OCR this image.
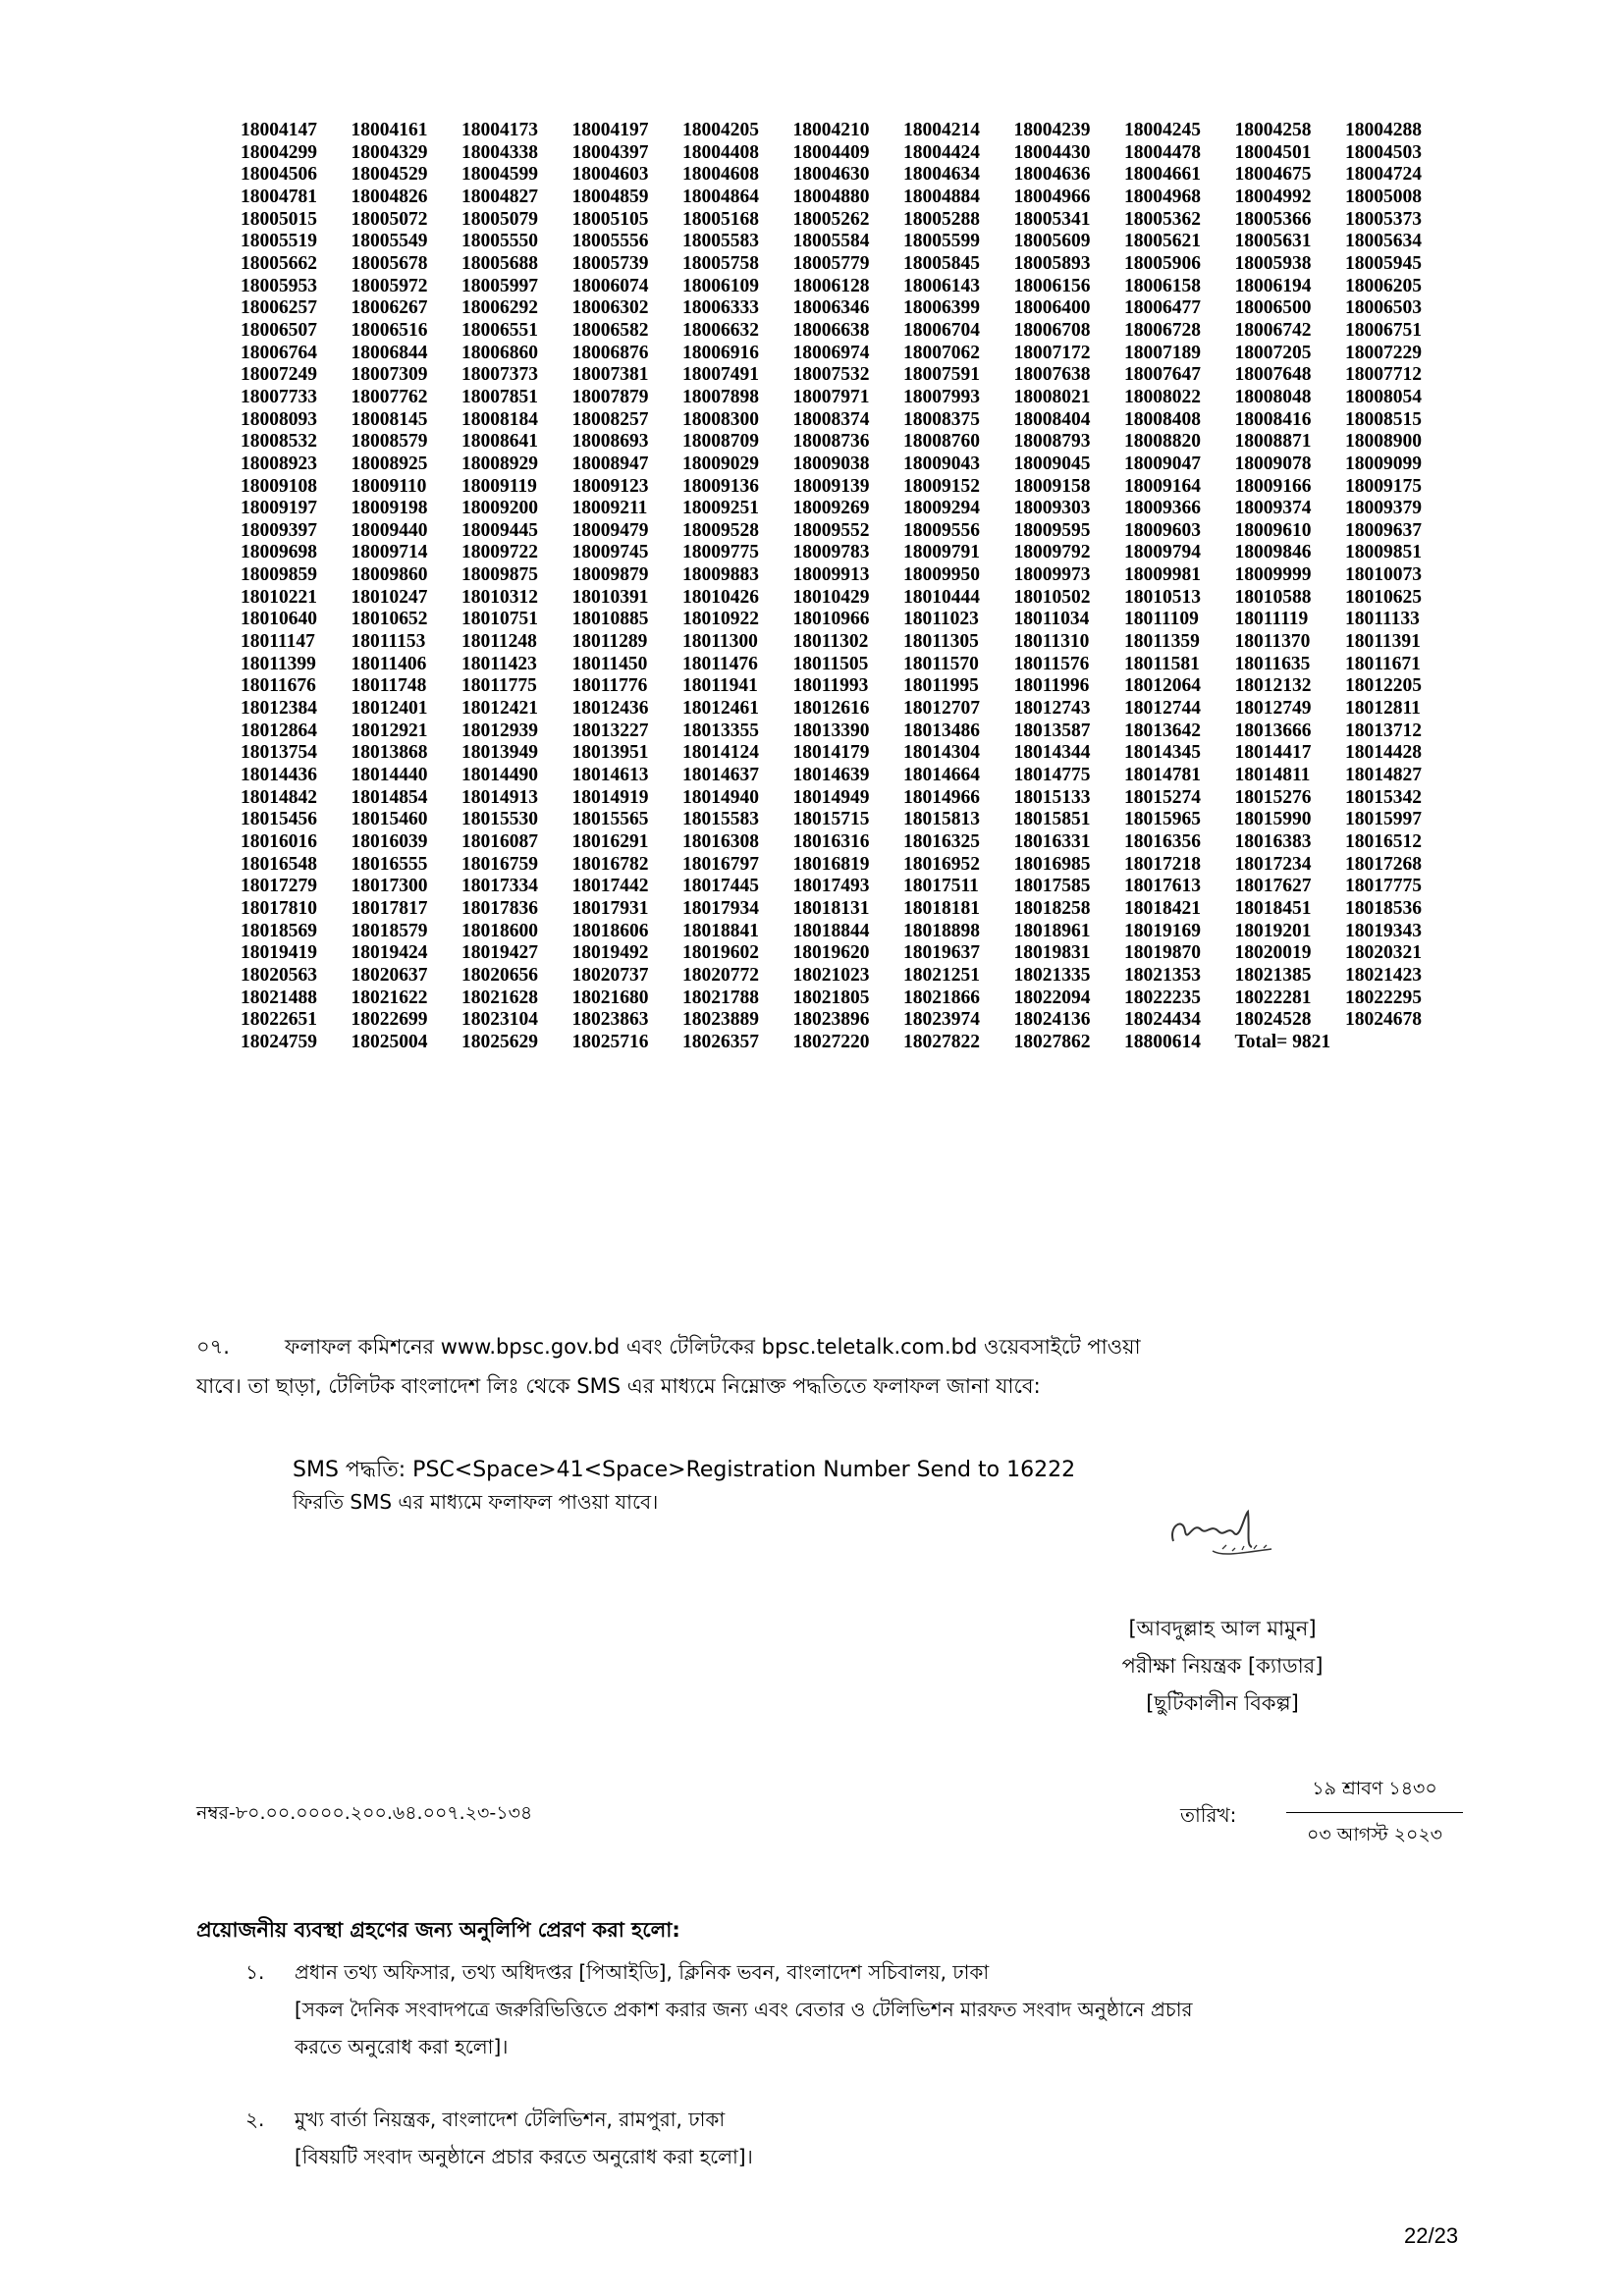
18004147	18004161	18004173	18004197	18004205	18004210	18004214	18004239	18004245	18004258	18004288
18004299	18004329	18004338	18004397	18004408	18004409	18004424	18004430	18004478	18004501	18004503
18004506	18004529	18004599	18004603	18004608	18004630	18004634	18004636	18004661	18004675	18004724
18004781	18004826	18004827	18004859	18004864	18004880	18004884	18004966	18004968	18004992	18005008
18005015	18005072	18005079	18005105	18005168	18005262	18005288	18005341	18005362	18005366	18005373
18005519	18005549	18005550	18005556	18005583	18005584	18005599	18005609	18005621	18005631	18005634
18005662	18005678	18005688	18005739	18005758	18005779	18005845	18005893	18005906	18005938	18005945
18005953	18005972	18005997	18006074	18006109	18006128	18006143	18006156	18006158	18006194	18006205
18006257	18006267	18006292	18006302	18006333	18006346	18006399	18006400	18006477	18006500	18006503
18006507	18006516	18006551	18006582	18006632	18006638	18006704	18006708	18006728	18006742	18006751
18006764	18006844	18006860	18006876	18006916	18006974	18007062	18007172	18007189	18007205	18007229
18007249	18007309	18007373	18007381	18007491	18007532	18007591	18007638	18007647	18007648	18007712
18007733	18007762	18007851	18007879	18007898	18007971	18007993	18008021	18008022	18008048	18008054
18008093	18008145	18008184	18008257	18008300	18008374	18008375	18008404	18008408	18008416	18008515
18008532	18008579	18008641	18008693	18008709	18008736	18008760	18008793	18008820	18008871	18008900
18008923	18008925	18008929	18008947	18009029	18009038	18009043	18009045	18009047	18009078	18009099
18009108	18009110	18009119	18009123	18009136	18009139	18009152	18009158	18009164	18009166	18009175
18009197	18009198	18009200	18009211	18009251	18009269	18009294	18009303	18009366	18009374	18009379
18009397	18009440	18009445	18009479	18009528	18009552	18009556	18009595	18009603	18009610	18009637
18009698	18009714	18009722	18009745	18009775	18009783	18009791	18009792	18009794	18009846	18009851
18009859	18009860	18009875	18009879	18009883	18009913	18009950	18009973	18009981	18009999	18010073
18010221	18010247	18010312	18010391	18010426	18010429	18010444	18010502	18010513	18010588	18010625
18010640	18010652	18010751	18010885	18010922	18010966	18011023	18011034	18011109	18011119	18011133
18011147	18011153	18011248	18011289	18011300	18011302	18011305	18011310	18011359	18011370	18011391
18011399	18011406	18011423	18011450	18011476	18011505	18011570	18011576	18011581	18011635	18011671
18011676	18011748	18011775	18011776	18011941	18011993	18011995	18011996	18012064	18012132	18012205
18012384	18012401	18012421	18012436	18012461	18012616	18012707	18012743	18012744	18012749	18012811
18012864	18012921	18012939	18013227	18013355	18013390	18013486	18013587	18013642	18013666	18013712
18013754	18013868	18013949	18013951	18014124	18014179	18014304	18014344	18014345	18014417	18014428
18014436	18014440	18014490	18014613	18014637	18014639	18014664	18014775	18014781	18014811	18014827
18014842	18014854	18014913	18014919	18014940	18014949	18014966	18015133	18015274	18015276	18015342
18015456	18015460	18015530	18015565	18015583	18015715	18015813	18015851	18015965	18015990	18015997
18016016	18016039	18016087	18016291	18016308	18016316	18016325	18016331	18016356	18016383	18016512
18016548	18016555	18016759	18016782	18016797	18016819	18016952	18016985	18017218	18017234	18017268
18017279	18017300	18017334	18017442	18017445	18017493	18017511	18017585	18017613	18017627	18017775
18017810	18017817	18017836	18017931	18017934	18018131	18018181	18018258	18018421	18018451	18018536
18018569	18018579	18018600	18018606	18018841	18018844	18018898	18018961	18019169	18019201	18019343
18019419	18019424	18019427	18019492	18019602	18019620	18019637	18019831	18019870	18020019	18020321
18020563	18020637	18020656	18020737	18020772	18021023	18021251	18021335	18021353	18021385	18021423
18021488	18021622	18021628	18021680	18021788	18021805	18021866	18022094	18022235	18022281	18022295
18022651	18022699	18023104	18023863	18023889	18023896	18023974	18024136	18024434	18024528	18024678
18024759	18025004	18025629	18025716	18026357	18027220	18027822	18027862	18800614	Total= 9821
০৭.	ফলাফল কমিশনের www.bpsc.gov.bd এবং টেলিটকের bpsc.teletalk.com.bd ওয়েবসাইটে পাওয়া
যাবে। তা ছাড়া, টেলিটক বাংলাদেশ লিঃ থেকে SMS এর মাধ্যমে নিম্নোক্ত পদ্ধতিতে ফলাফল জানা যাবে:
SMS পদ্ধতি: PSC<Space>41<Space>Registration Number Send to 16222
ফিরতি SMS এর মাধ্যমে ফলাফল পাওয়া যাবে।
[আবদুল্লাহ আল মামুন]
পরীক্ষা নিয়ন্ত্রক [ক্যাডার]
[ছুটিকালীন বিকল্প]
নম্বর-৮০.০০.০০০০.২০০.৬৪.০০৭.২৩-১৩৪	তারিখ:
১৯ শ্রাবণ ১৪৩০
০৩ আগস্ট ২০২৩
প্রয়োজনীয় ব্যবস্থা গ্রহণের জন্য অনুলিপি প্রেরণ করা হলো:
১. প্রধান তথ্য অফিসার, তথ্য অধিদপ্তর [পিআইডি], ক্লিনিক ভবন, বাংলাদেশ সচিবালয়, ঢাকা
[সকল দৈনিক সংবাদপত্রে জরুরিভিত্তিতে প্রকাশ করার জন্য এবং বেতার ও টেলিভিশন মারফত সংবাদ অনুষ্ঠানে প্রচার
করতে অনুরোধ করা হলো]।
২. মুখ্য বার্তা নিয়ন্ত্রক, বাংলাদেশ টেলিভিশন, রামপুরা, ঢাকা
[বিষয়টি সংবাদ অনুষ্ঠানে প্রচার করতে অনুরোধ করা হলো]।
22/23
